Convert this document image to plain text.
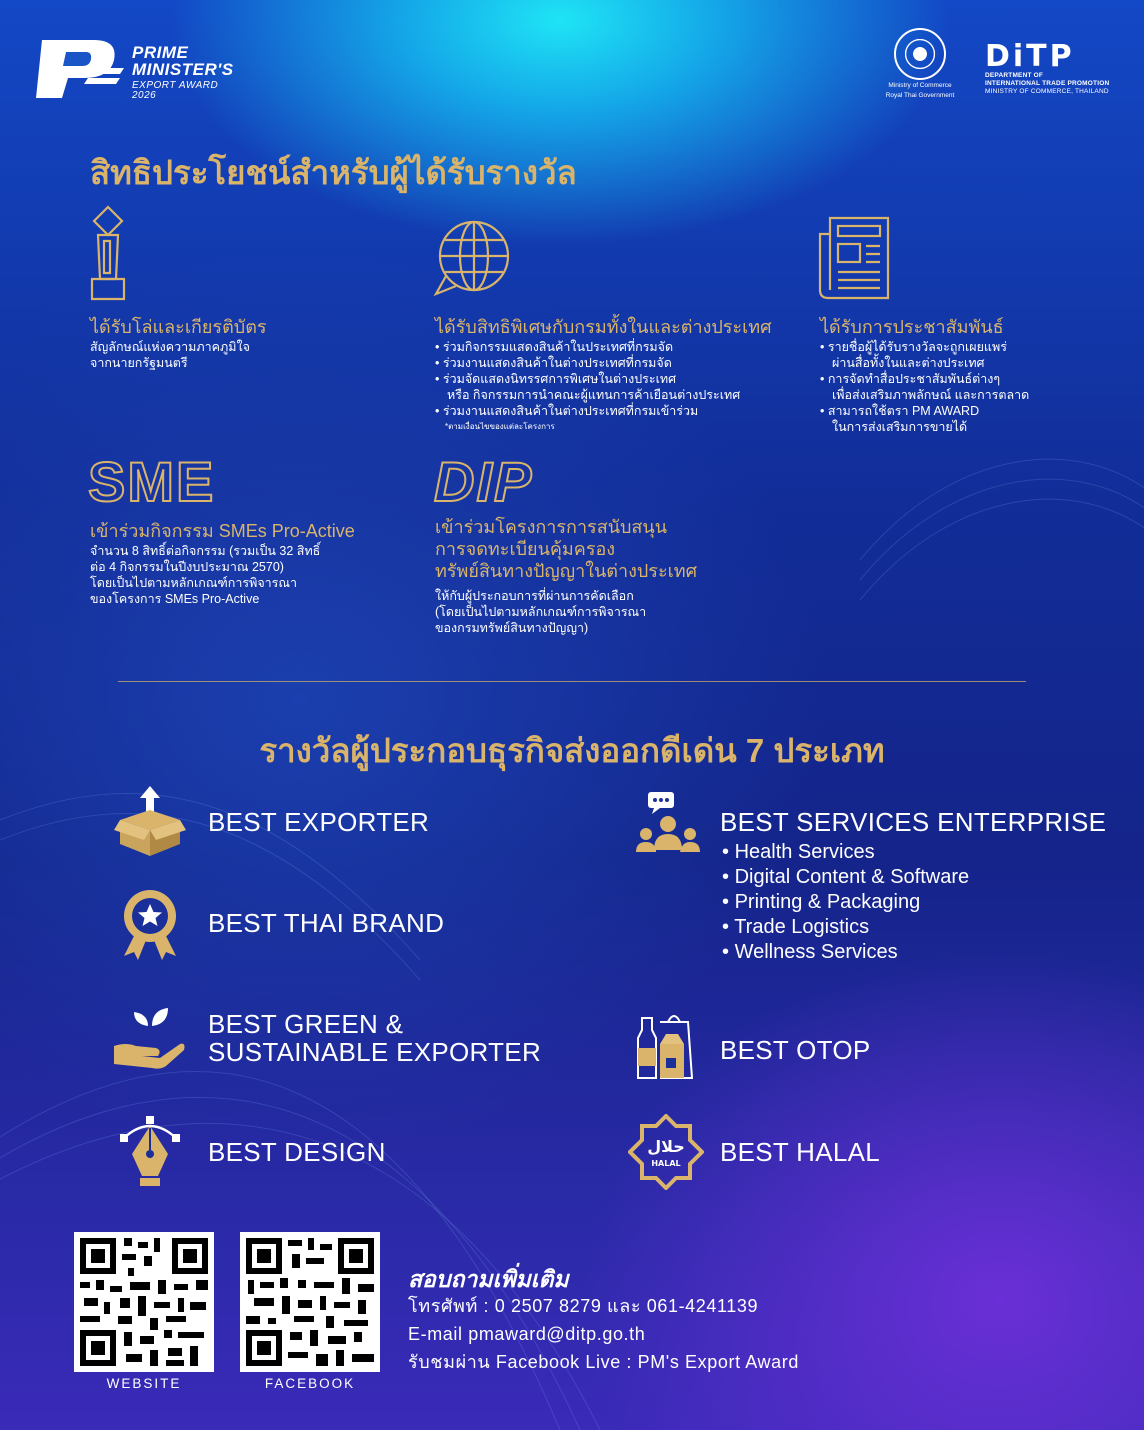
PRIME
MINISTER'S
EXPORT AWARD 2026
Ministry of Commerce
Royal Thai Government
DiTP
DEPARTMENT OF
INTERNATIONAL TRADE PROMOTION
MINISTRY OF COMMERCE, THAILAND
สิทธิประโยชน์สำหรับผู้ได้รับรางวัล
ได้รับโล่และเกียรติบัตร
สัญลักษณ์แห่งความภาคภูมิใจ
จากนายกรัฐมนตรี
ได้รับสิทธิพิเศษกับกรมทั้งในและต่างประเทศ
• ร่วมกิจกรรมแสดงสินค้าในประเทศที่กรมจัด
• ร่วมงานแสดงสินค้าในต่างประเทศที่กรมจัด
• ร่วมจัดแสดงนิทรรศการพิเศษในต่างประเทศ
หรือ กิจกรรมการนำคณะผู้แทนการค้าเยือนต่างประเทศ
• ร่วมงานแสดงสินค้าในต่างประเทศที่กรมเข้าร่วม
*ตามเงื่อนไขของแต่ละโครงการ
ได้รับการประชาสัมพันธ์
• รายชื่อผู้ได้รับรางวัลจะถูกเผยแพร่
ผ่านสื่อทั้งในและต่างประเทศ
• การจัดทำสื่อประชาสัมพันธ์ต่างๆ
เพื่อส่งเสริมภาพลักษณ์ และการตลาด
• สามารถใช้ตรา PM AWARD
ในการส่งเสริมการขายได้
SME
เข้าร่วมกิจกรรม SMEs Pro-Active
จำนวน 8 สิทธิ์ต่อกิจกรรม (รวมเป็น 32 สิทธิ์
ต่อ 4 กิจกรรมในปีงบประมาณ 2570)
โดยเป็นไปตามหลักเกณฑ์การพิจารณา
ของโครงการ SMEs Pro-Active
DIP
เข้าร่วมโครงการการสนับสนุน
การจดทะเบียนคุ้มครอง
ทรัพย์สินทางปัญญาในต่างประเทศ
ให้กับผู้ประกอบการที่ผ่านการคัดเลือก
(โดยเป็นไปตามหลักเกณฑ์การพิจารณา
ของกรมทรัพย์สินทางปัญญา)
รางวัลผู้ประกอบธุรกิจส่งออกดีเด่น 7 ประเภท
BEST EXPORTER
BEST THAI BRAND
BEST GREEN &
SUSTAINABLE EXPORTER
BEST DESIGN
BEST SERVICES ENTERPRISE
• Health Services
• Digital Content & Software
• Printing & Packaging
• Trade Logistics
• Wellness Services
BEST OTOP
حلال
HALAL BEST HALAL
WEBSITE	FACEBOOK
สอบถามเพิ่มเติม
โทรศัพท์ : 0 2507 8279 และ 061-4241139
E-mail pmaward@ditp.go.th
รับชมผ่าน Facebook Live : PM's Export Award
